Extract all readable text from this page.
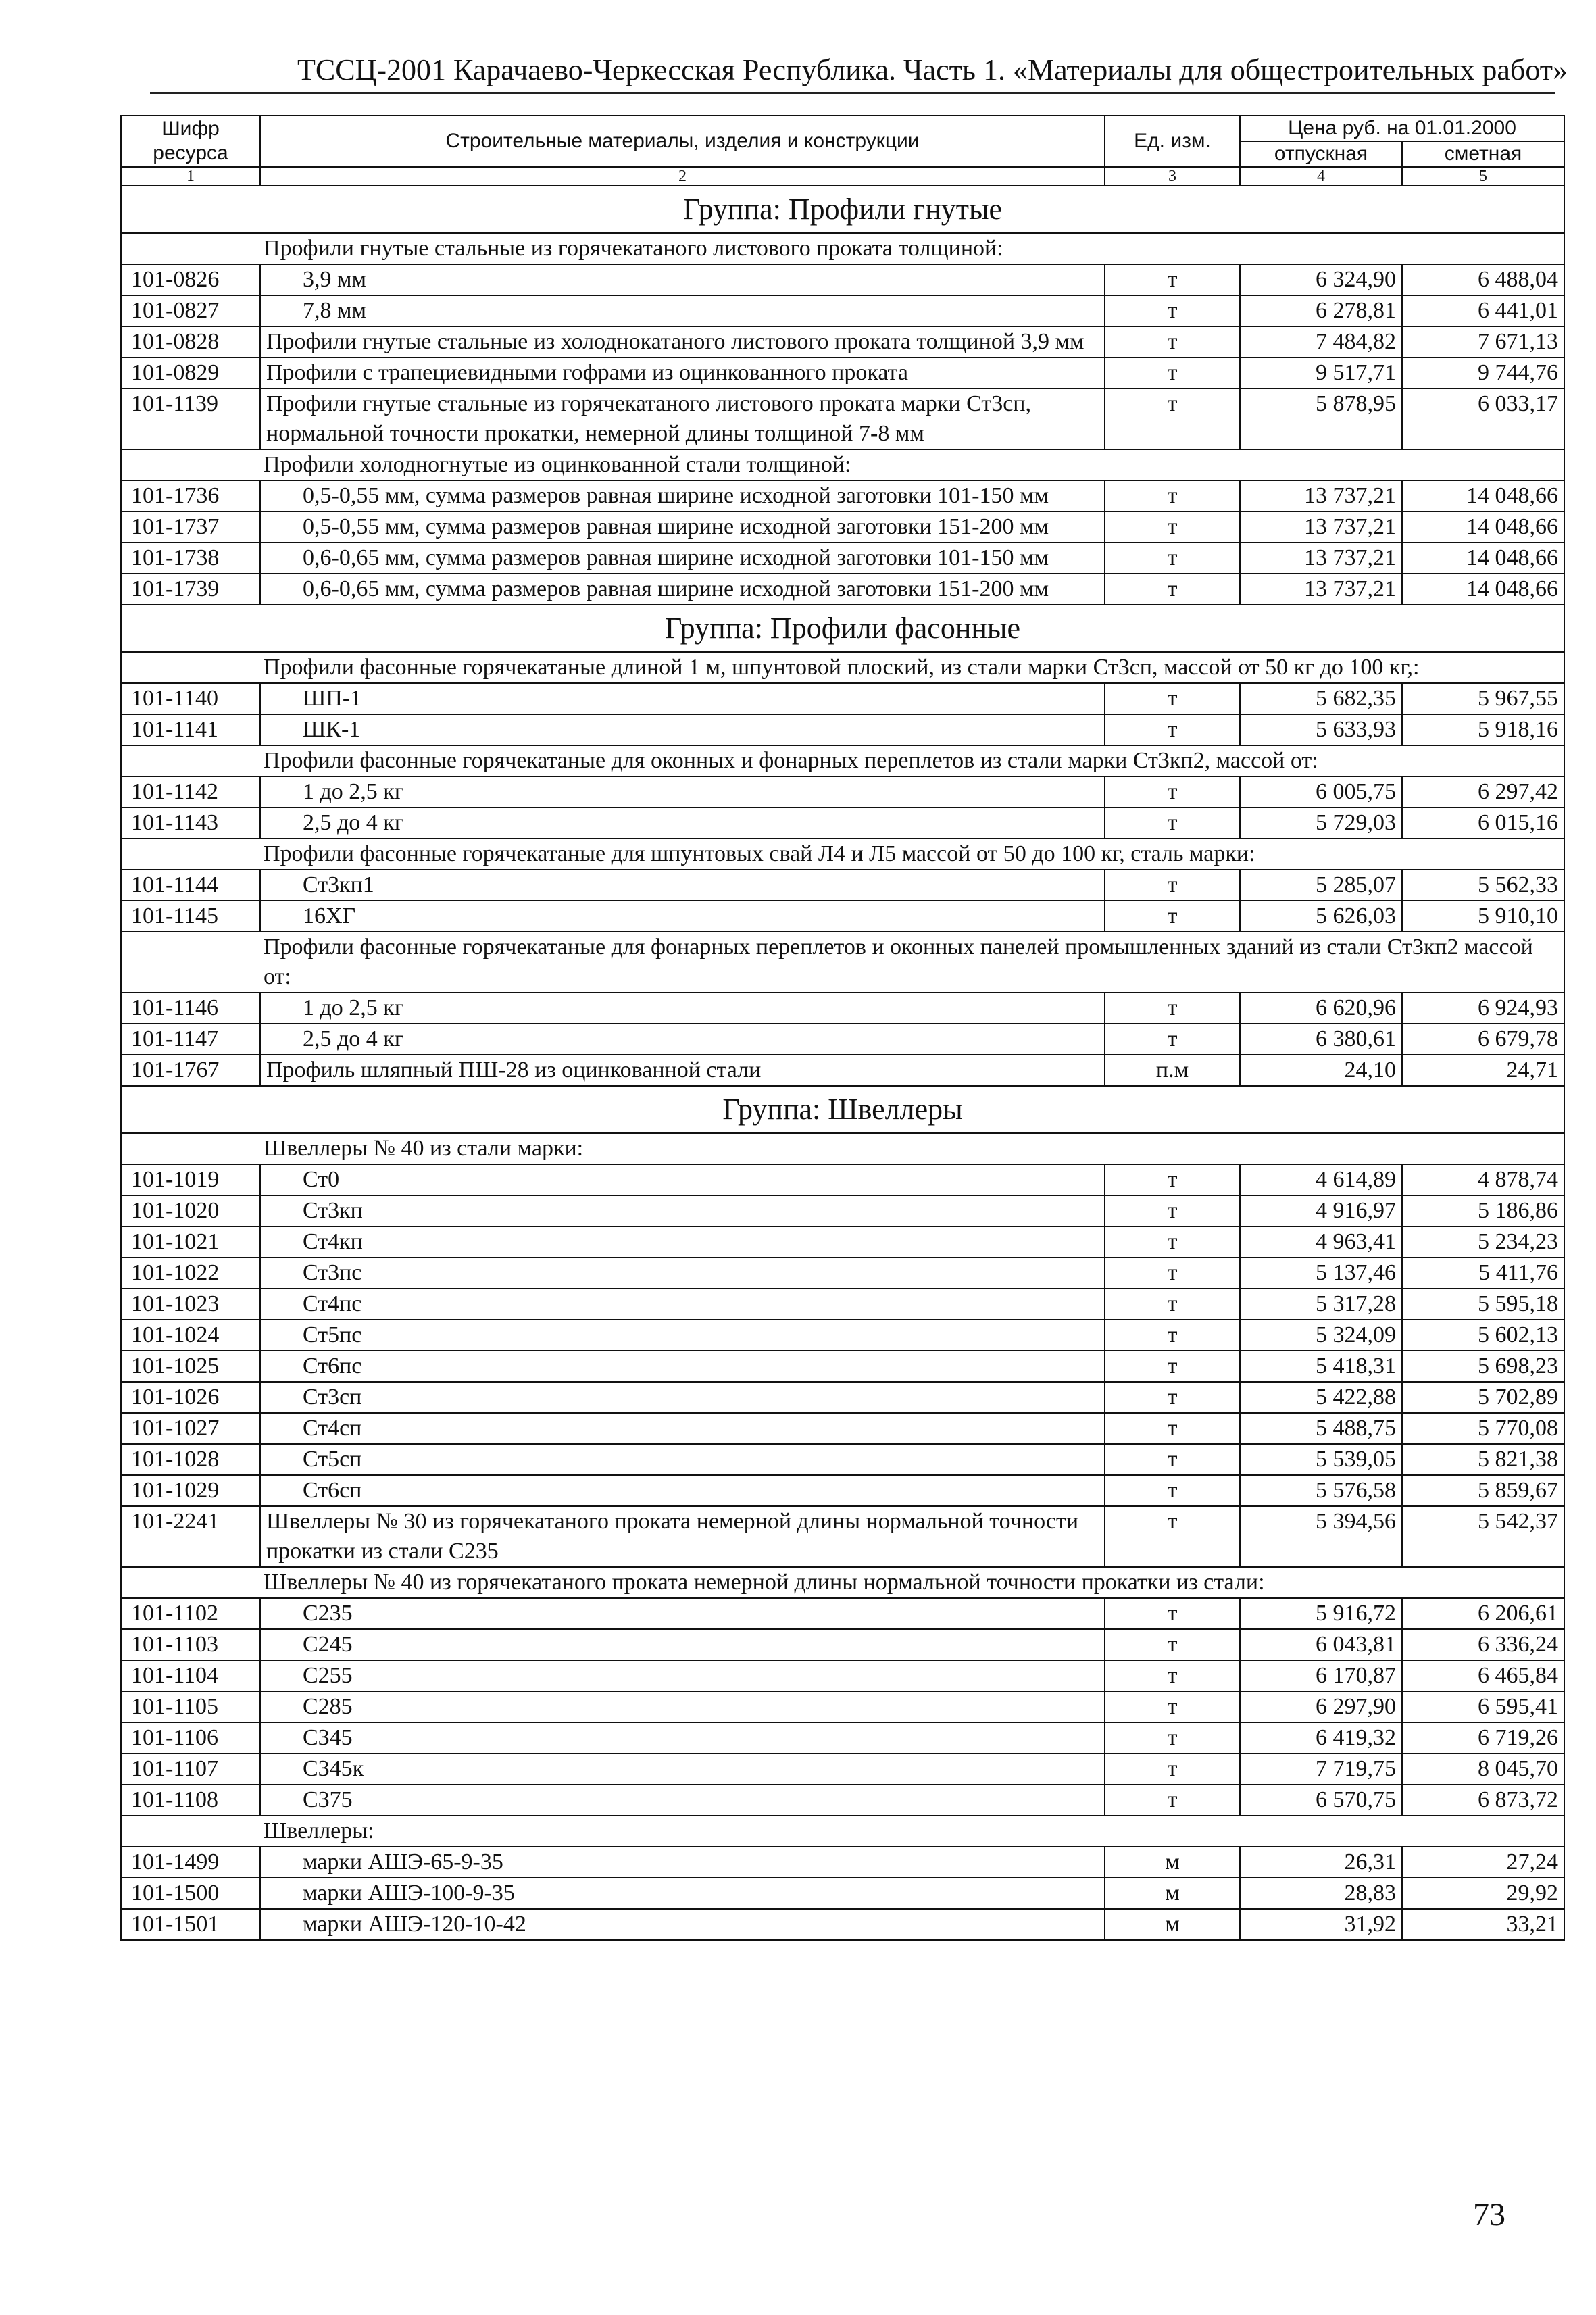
ТССЦ-2001 Карачаево-Черкесская Республика. Часть 1. «Материалы для общестроительных работ»
Шифр ресурса	Строительные материалы, изделия и конструкции	Ед. изм.	Цена руб. на 01.01.2000	
			отпускная	сметная
1	2	3	4	5
Группа: Профили гнутые				
Профили гнутые стальные из горячекатаного листового проката толщиной:				
101-0826	3,9 мм	т	6 324,90	6 488,04
101-0827	7,8 мм	т	6 278,81	6 441,01
101-0828	Профили гнутые стальные из холоднокатаного листового проката толщиной 3,9 мм	т	7 484,82	7 671,13
101-0829	Профили с трапециевидными гофрами из оцинкованного проката	т	9 517,71	9 744,76
101-1139	Профили гнутые стальные из горячекатаного листового проката марки Ст3сп, нормальной точности прокатки, немерной длины толщиной 7-8 мм	т	5 878,95	6 033,17
Профили холодногнутые из оцинкованной стали толщиной:				
101-1736	0,5-0,55 мм, сумма размеров равная ширине исходной заготовки 101-150 мм	т	13 737,21	14 048,66
101-1737	0,5-0,55 мм, сумма размеров равная ширине исходной заготовки 151-200 мм	т	13 737,21	14 048,66
101-1738	0,6-0,65 мм, сумма размеров равная ширине исходной заготовки 101-150 мм	т	13 737,21	14 048,66
101-1739	0,6-0,65 мм, сумма размеров равная ширине исходной заготовки 151-200 мм	т	13 737,21	14 048,66
Группа: Профили фасонные				
Профили фасонные горячекатаные длиной 1 м, шпунтовой плоский, из стали марки Ст3сп, массой от 50 кг до 100 кг,:				
101-1140	ШП-1	т	5 682,35	5 967,55
101-1141	ШК-1	т	5 633,93	5 918,16
Профили фасонные горячекатаные для оконных и фонарных переплетов из стали марки Ст3кп2, массой от:				
101-1142	1 до 2,5 кг	т	6 005,75	6 297,42
101-1143	2,5 до 4 кг	т	5 729,03	6 015,16
Профили фасонные горячекатаные для шпунтовых свай Л4 и Л5 массой от 50 до 100 кг, сталь марки:				
101-1144	Ст3кп1	т	5 285,07	5 562,33
101-1145	16ХГ	т	5 626,03	5 910,10
Профили фасонные горячекатаные для фонарных переплетов и оконных панелей промышленных зданий из стали Ст3кп2 массой от:				
101-1146	1 до 2,5 кг	т	6 620,96	6 924,93
101-1147	2,5 до 4 кг	т	6 380,61	6 679,78
101-1767	Профиль шляпный ПШ-28 из оцинкованной стали	п.м	24,10	24,71
Группа: Швеллеры				
Швеллеры № 40 из стали марки:				
101-1019	Ст0	т	4 614,89	4 878,74
101-1020	Ст3кп	т	4 916,97	5 186,86
101-1021	Ст4кп	т	4 963,41	5 234,23
101-1022	Ст3пс	т	5 137,46	5 411,76
101-1023	Ст4пс	т	5 317,28	5 595,18
101-1024	Ст5пс	т	5 324,09	5 602,13
101-1025	Ст6пс	т	5 418,31	5 698,23
101-1026	Ст3сп	т	5 422,88	5 702,89
101-1027	Ст4сп	т	5 488,75	5 770,08
101-1028	Ст5сп	т	5 539,05	5 821,38
101-1029	Ст6сп	т	5 576,58	5 859,67
101-2241	Швеллеры № 30 из горячекатаного проката немерной длины нормальной точности прокатки из стали С235	т	5 394,56	5 542,37
Швеллеры № 40 из горячекатаного проката немерной длины нормальной точности прокатки из стали:				
101-1102	С235	т	5 916,72	6 206,61
101-1103	С245	т	6 043,81	6 336,24
101-1104	С255	т	6 170,87	6 465,84
101-1105	С285	т	6 297,90	6 595,41
101-1106	С345	т	6 419,32	6 719,26
101-1107	С345к	т	7 719,75	8 045,70
101-1108	С375	т	6 570,75	6 873,72
Швеллеры:				
101-1499	марки АШЭ-65-9-35	м	26,31	27,24
101-1500	марки АШЭ-100-9-35	м	28,83	29,92
101-1501	марки АШЭ-120-10-42	м	31,92	33,21
73
